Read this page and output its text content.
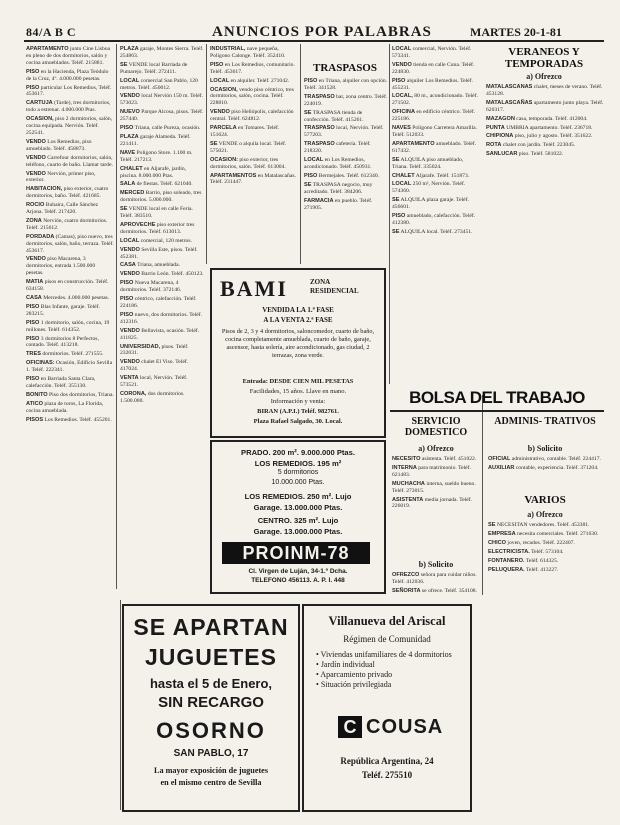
84/A B C	ANUNCIOS POR PALABRAS	MARTES 20-1-81

APARTAMENTO junto Cine Lisboa en pleno de dos dormitorios, salón y cocina amueblados. Teléf. 215881.

PISO en la Hacienda, Plaza Teódulo de la Cruz, 4º. 4.000.000 pesetas.

PISO particular Los Remedios, Teléf. 453617.

CARTUJA (Tarde), tres dormitorios, todo a estrenar. 4.000.000 Ptas.

OCASION, piso 2 dormitorios, salón, cocina equipada. Nervión. Teléf. 252541.

VENDO Los Remedios, piso amueblado. Teléf. 458873.

VENDO Carrefour dormitorios, salón, teléfono, cuarto de baño. Llamar tarde.

VENDO Nervión, primer piso, exterior.

HABITACION, piso exterior, cuatro dormitorios, baño. Teléf. 421685.

ROCIO Buhaira, Calle Sánchez Arjona. Teléf. 217420.

ZONA Nervión, cuatro dormitorios. Teléf. 215612.

PORDADA (Camas), piso nuevo, tres dormitorios, salón, baño, terraza. Teléf. 453617.

VENDO piso Macarena, 3 dormitorios, entrada 1.500.000 pesetas.

MATIA pisos en construcción. Teléf. 634158.

CASA Mercedes. 4.000.000 pesetas.

PISO Blas Infante, garaje. Teléf. 283215.

PISO 1 dormitorio, salón, cocina, 19 millones. Teléf. 614352.

PISO 3 dormitorios 8 Perfectos, contado. Teléf. 413218.

TRES dormitorios. Teléf. 271555.

OFICINAS: Ocasión, Edificio Sevilla 1. Teléf. 222341.

PISO en Barriada Santa Clara, calefacción. Teléf. 355130.

BONITO Piso dos dormitorios, Triana.

ATICO plaza de toros, La Florida, cocina amueblada.

PISOS Los Remedios. Teléf. 455201.

PLAZA garaje, Montes Sierra. Teléf. 254863.

SE VENDE local Barriada de Pumarejo. Teléf. 272411.

LOCAL comercial San Pablo, 120 metros. Teléf. 450012.

VENDO local Nervión 150 m. Teléf. 573023.

NUEVO Parque Alcosa, pisos. Teléf. 257440.

PISO Triana, calle Pureza, ocasión.

PLAZA garaje Alameda. Teléf. 221411.

NAVE Polígono Store. 1.100 m. Teléf. 217213.

CHALET en Aljarafe, jardín, piscina. 8.000.000 Ptas.

SALA de fiestas. Teléf. 621040.

MERCED Barrio, piso soleado, tres dormitorios. 5.000.000.

SE VENDE local en calle Feria. Teléf. 383510.

APROVECHE piso exterior tres dormitorios. Teléf. 613013.

LOCAL comercial, 120 metros.

VENDO Sevilla Este, pisos. Teléf. 452381.

CASA Triana, amueblada.

VENDO Barrio León. Teléf. 450123.

PISO Nueva Macarena, 4 dormitorios. Teléf. 372146.

PISO céntrico, calefacción. Teléf. 224186.

PISO nuevo, dos dormitorios. Teléf. 412316.

VENDO Bellavista, ocasión. Teléf. 411825.

UNIVERSIDAD, pisos. Teléf. 232031.

VENDO chalet El Viso. Teléf. 417024.

VENTA local, Nervión. Teléf. 573521.

CORONA, dos dormitorios. 1.500.000.

INDUSTRIAL, nave pequeña, Polígono Calonge. Teléf. 352410.

PISO en Los Remedios, comunitario. Teléf. 453617.

LOCAL en alquiler. Teléf. 271042.

OCASION, vendo piso céntrico, tres dormitorios, salón, cocina. Teléf. 228810.

VENDO piso Heliópolis, calefacción central. Teléf. 624812.

PARCELA en Tomares. Teléf. 151624.

SE VENDE o alquila local. Teléf. 575021.

OCASION: piso exterior, tres dormitorios, salón. Teléf. 613004.

APARTAMENTOS en Matalascañas. Teléf. 231447.

TRASPASOS

PISO en Triana, alquiler con opción. Teléf. 341528.

TRASPASO bar, zona centro. Teléf. 224019.

SE TRASPASA tienda de confección. Teléf. 415261.

TRASPASO local, Nervión. Teléf. 577203.

TRASPASO cafetería. Teléf. 218320.

LOCAL en Los Remedios, acondicionado. Teléf. 450931.

PISO Bermejales. Teléf. 612340.

SE TRASPASA negocio, muy acreditado. Teléf. 384206.

FARMACIA en pueblo. Teléf. 271905.

LOCAL comercial, Nervión. Teléf. 573341.

VENDO tienda en calle Cuna. Teléf. 224830.

PISO alquiler Los Remedios. Teléf. 455231.

LOCAL, 80 m., acondicionado. Teléf. 271502.

OFICINA en edificio céntrico. Teléf. 225186.

NAVES Polígono Carretera Amarilla. Teléf. 512033.

APARTAMENTO amueblado. Teléf. 617432.

SE ALQUILA piso amueblado, Triana. Teléf. 335024.

CHALET Aljarafe. Teléf. 151873.

LOCAL 250 m², Nervión. Teléf. 574360.

SE ALQUILA plaza garaje. Teléf. 456601.

PISO amueblado, calefacción. Teléf. 412380.

SE ALQUILA local. Teléf. 273451.

VERANEOS Y TEMPORADAS
a) Ofrezco

MATALASCAÑAS chalet, meses de verano. Teléf. 453128.

MATALASCAÑAS apartamento junto playa. Teléf. 620317.

MAZAGON casa, temporada. Teléf. 412004.

PUNTA UMBRIA apartamento. Teléf. 236718.

CHIPIONA piso, julio y agosto. Teléf. 351622.

ROTA chalet con jardín. Teléf. 223045.

SANLUCAR piso. Teléf. 581022.

BAMI	ZONA RESIDENCIAL
VENDIDA LA 1.ª FASE
A LA VENTA 2.ª FASE
Pisos de 2, 3 y 4 dormitorios, saloncomedor, cuarto de baño, cocina completamente amueblada, cuarto de baño, garaje, ascensor, hasta solería, aire acondicionado, gas ciudad, 2 terrazas, zona verde.
Entrada: DESDE CIEN MIL PESETAS
Facilidades, 15 años. Llave en mano.
Información y venta:
BIRAN (A.P.I.) Teléf. 982761.
Plaza Rafael Salgado, 30. Local.
BOLSA DEL TRABAJO
SERVICIO DOMESTICO
a) Ofrezco

NECESITO asistenta. Teléf. 451022.

INTERNA para matrimonio. Teléf. 621483.

MUCHACHA interna, sueldo bueno. Teléf. 273015.

ASISTENTA media jornada. Teléf. 226019.

b) Solicito

OFREZCO señora para cuidar niños. Teléf. 412036.

SEÑORITA se ofrece. Teléf. 354108.

ADMINIS- TRATIVOS
b) Solicito

OFICIAL administrativo, contable. Teléf. 224417.

AUXILIAR contable, experiencia. Teléf. 371204.

VARIOS
a) Ofrezco

SE NECESITAN vendedores. Teléf. 453381.

EMPRESA necesita comerciales. Teléf. 271630.

CHICO joven, recados. Teléf. 222407.

ELECTRICISTA. Teléf. 573104.

FONTANERO. Teléf. 614325.

PELUQUERA. Teléf. 413227.

PRADO. 200 m². 9.000.000 Ptas.
LOS REMEDIOS. 195 m²
5 dormitorios
10.000.000 Ptas.
LOS REMEDIOS. 250 m². Lujo
Garage. 13.000.000 Ptas.
CENTRO. 325 m². Lujo
Garage. 13.000.000 Ptas.
PROINM-78
Cl. Virgen de Luján, 34-1.º Dcha.
TELEFONO 456113. A. P. I. 448
SE APARTAN
JUGUETES
hasta el 5 de Enero,
SIN RECARGO
OSORNO
SAN PABLO, 17
La mayor exposición de juguetes
en el mismo centro de Sevilla
Villanueva del Ariscal
Régimen de Comunidad
• Viviendas unifamiliares de 4 dormitorios
• Jardín individual
• Aparcamiento privado
• Situación privilegiada
C COUSA
República Argentina, 24
Teléf. 275510
